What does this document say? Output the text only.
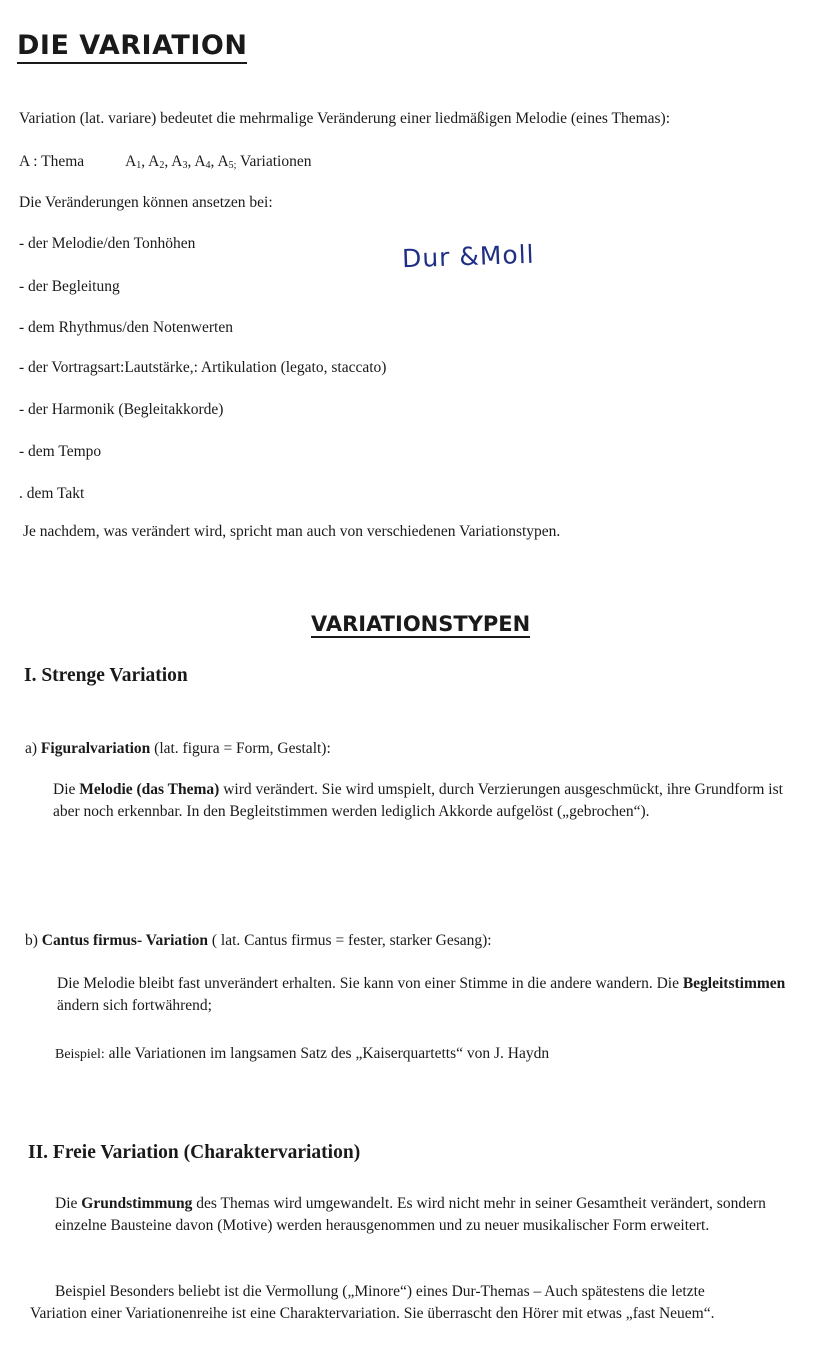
DIE VARIATION
Variation (lat. variare) bedeutet die mehrmalige Veränderung einer liedmäßigen Melodie (eines Themas):
A : Thema	$A_1$, $A_2$, $A_3$, $A_4$, $A_{5;}$ Variationen
Die Veränderungen können ansetzen bei:
- der Melodie/den Tonhöhen
- der Begleitung
- dem Rhythmus/den Notenwerten
- der Vortragsart:Lautstärke,: Artikulation (legato, staccato)
- der Harmonik (Begleitakkorde)
- dem Tempo
. dem Takt
Dur &Moll
Je nachdem, was verändert wird, spricht man auch von verschiedenen Variationstypen.
VARIATIONSTYPEN
I. Strenge Variation
a) Figuralvariation (lat. figura = Form, Gestalt):
Die Melodie (das Thema) wird verändert. Sie wird umspielt, durch Verzierungen ausgeschmückt, ihre Grundform ist aber noch erkennbar. In den Begleitstimmen werden lediglich Akkorde aufgelöst („gebrochen“).
b) Cantus firmus- Variation ( lat. Cantus firmus = fester, starker Gesang):
Die Melodie bleibt fast unverändert erhalten. Sie kann von einer Stimme in die andere wandern. Die Begleitstimmen ändern sich fortwährend;
Beispiel: alle Variationen im langsamen Satz des „Kaiserquartetts“ von J. Haydn
II. Freie Variation (Charaktervariation)
Die Grundstimmung des Themas wird umgewandelt. Es wird nicht mehr in seiner Gesamtheit verändert, sondern einzelne Bausteine davon (Motive) werden herausgenommen und zu neuer musikalischer Form erweitert.
Beispiel Besonders beliebt ist die Vermollung („Minore“) eines Dur-Themas – Auch spätestens die letzte
Variation einer Variationenreihe ist eine Charaktervariation. Sie überrascht den Hörer mit etwas „fast Neuem“.
